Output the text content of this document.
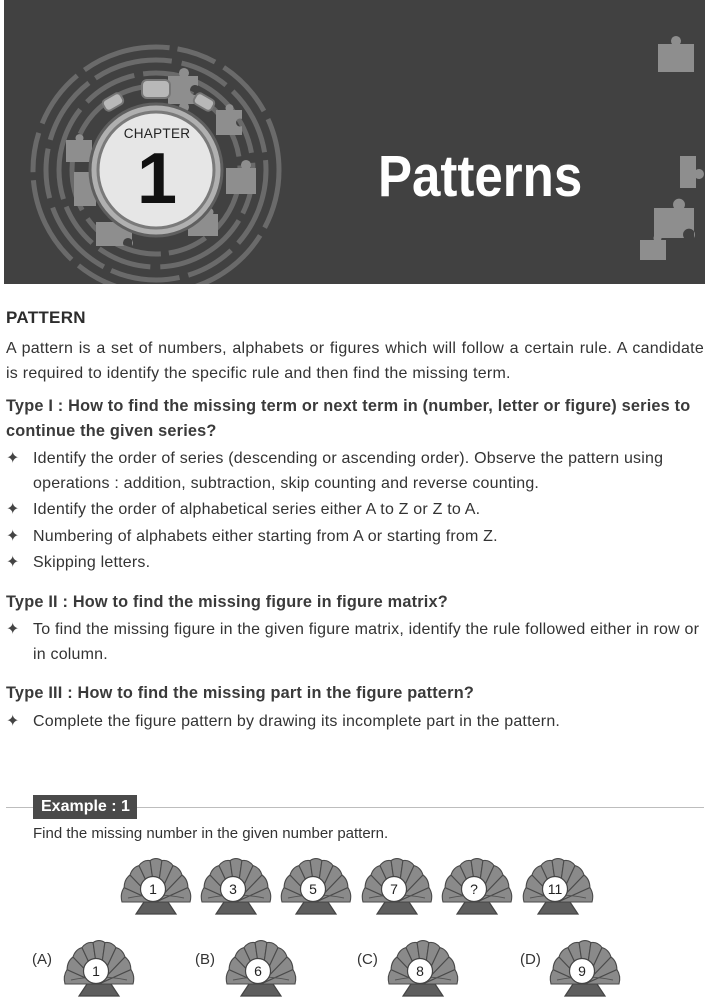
CHAPTER
1	Patterns
PATTERN

A pattern is a set of numbers, alphabets or figures which will follow a certain rule. A candidate is required to identify the specific rule and then find the missing term.

Type I : How to find the missing term or next term in (number, letter or figure) series to continue the given series?
✦ Identify the order of series (descending or ascending order). Observe the pattern using operations : addition, subtraction, skip counting and reverse counting.
✦ Identify the order of alphabetical series either A to Z or Z to A.
✦ Numbering of alphabets either starting from A or starting from Z.
✦ Skipping letters.
Type II : How to find the missing figure in figure matrix?
✦ To find the missing figure in the given figure matrix, identify the rule followed either in row or in column.
Type III : How to find the missing part in the figure pattern?
✦ Complete the figure pattern by drawing its incomplete part in the pattern.
Example : 1
Find the missing number in the given number pattern.
1	3	5	7	?	11
(A)
1
(B)
6
(C)
8
(D)
9
